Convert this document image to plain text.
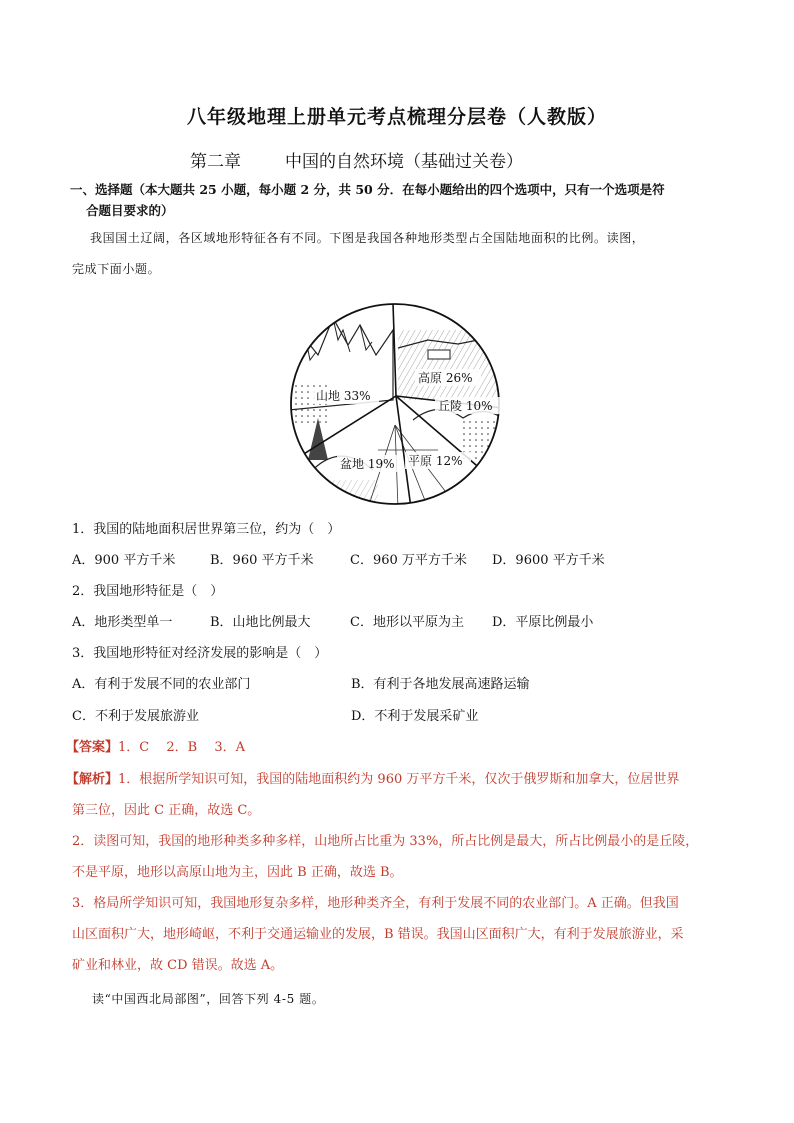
八年级地理上册单元考点梳理分层卷（人教版）
第二章	中国的自然环境（基础过关卷）
一、选择题（本大题共 25 小题，每小题 2 分，共 50 分．在每小题给出的四个选项中，只有一个选项是符
合题目要求的）
我国国土辽阔，各区域地形特征各有不同。下图是我国各种地形类型占全国陆地面积的比例。读图，
完成下面小题。
高原 26%
丘陵 10%
平原 12%
盆地 19%
山地 33%
1．我国的陆地面积居世界第三位，约为（　）
A．900 平方千米	B．960 平方千米	C．960 万平方千米 D．9600 平方千米
2．我国地形特征是（　）
A．地形类型单一	B．山地比例最大	C．地形以平原为主 D．平原比例最小
3．我国地形特征对经济发展的影响是（　）
A．有利于发展不同的农业部门	B．有利于各地发展高速路运输
C．不利于发展旅游业	D．不利于发展采矿业
【答案】1．C　 2．B　 3．A
【解析】1．根据所学知识可知，我国的陆地面积约为 960 万平方千米，仅次于俄罗斯和加拿大，位居世界
第三位，因此 C 正确，故选 C。
2．读图可知，我国的地形种类多种多样，山地所占比重为 33%，所占比例是最大，所占比例最小的是丘陵，
不是平原，地形以高原山地为主，因此 B 正确，故选 B。
3．格局所学知识可知，我国地形复杂多样，地形种类齐全，有利于发展不同的农业部门。A 正确。但我国
山区面积广大，地形崎岖，不利于交通运输业的发展，B 错误。我国山区面积广大，有利于发展旅游业，采
矿业和林业，故 CD 错误。故选 A。
读“中国西北局部图”，回答下列 4-5 题。
